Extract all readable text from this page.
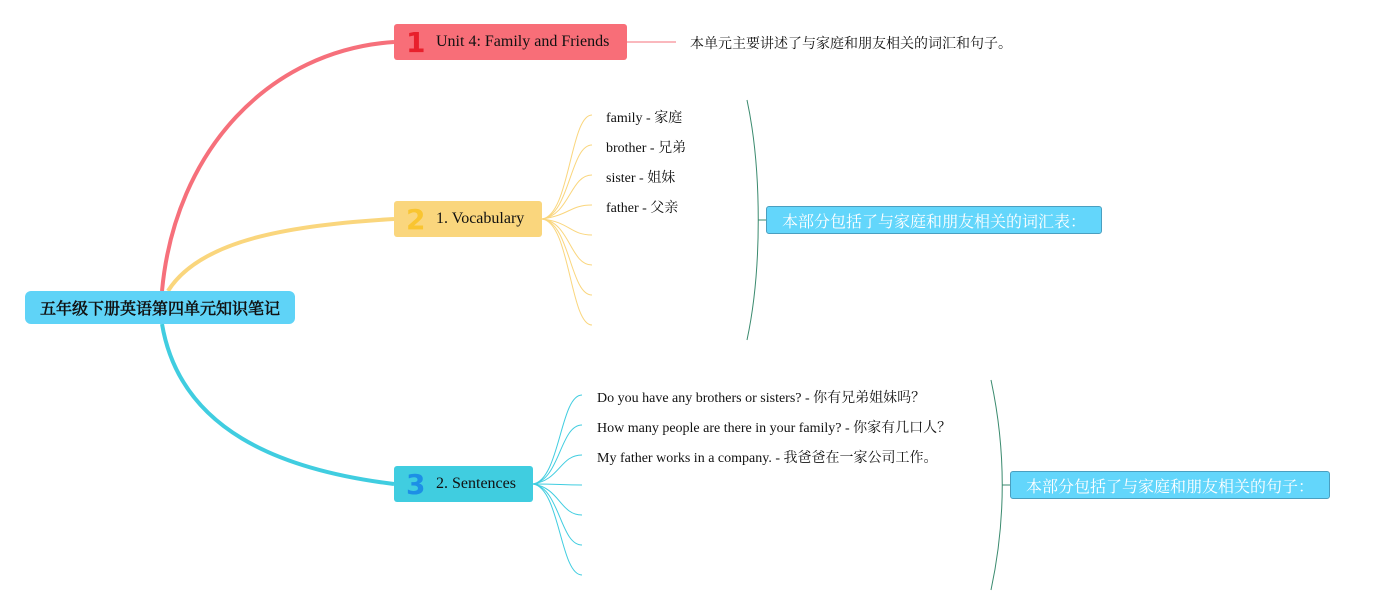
五年级下册英语第四单元知识笔记
1 Unit 4: Family and Friends	本单元主要讲述了与家庭和朋友相关的词汇和句子。
2 1. Vocabulary
family - 家庭
brother - 兄弟
sister - 姐妹
father - 父亲
本部分包括了与家庭和朋友相关的词汇表：
3 2. Sentences
Do you have any brothers or sisters? - 你有兄弟姐妹吗？
How many people are there in your family? - 你家有几口人？
My father works in a company. - 我爸爸在一家公司工作。
本部分包括了与家庭和朋友相关的句子：
